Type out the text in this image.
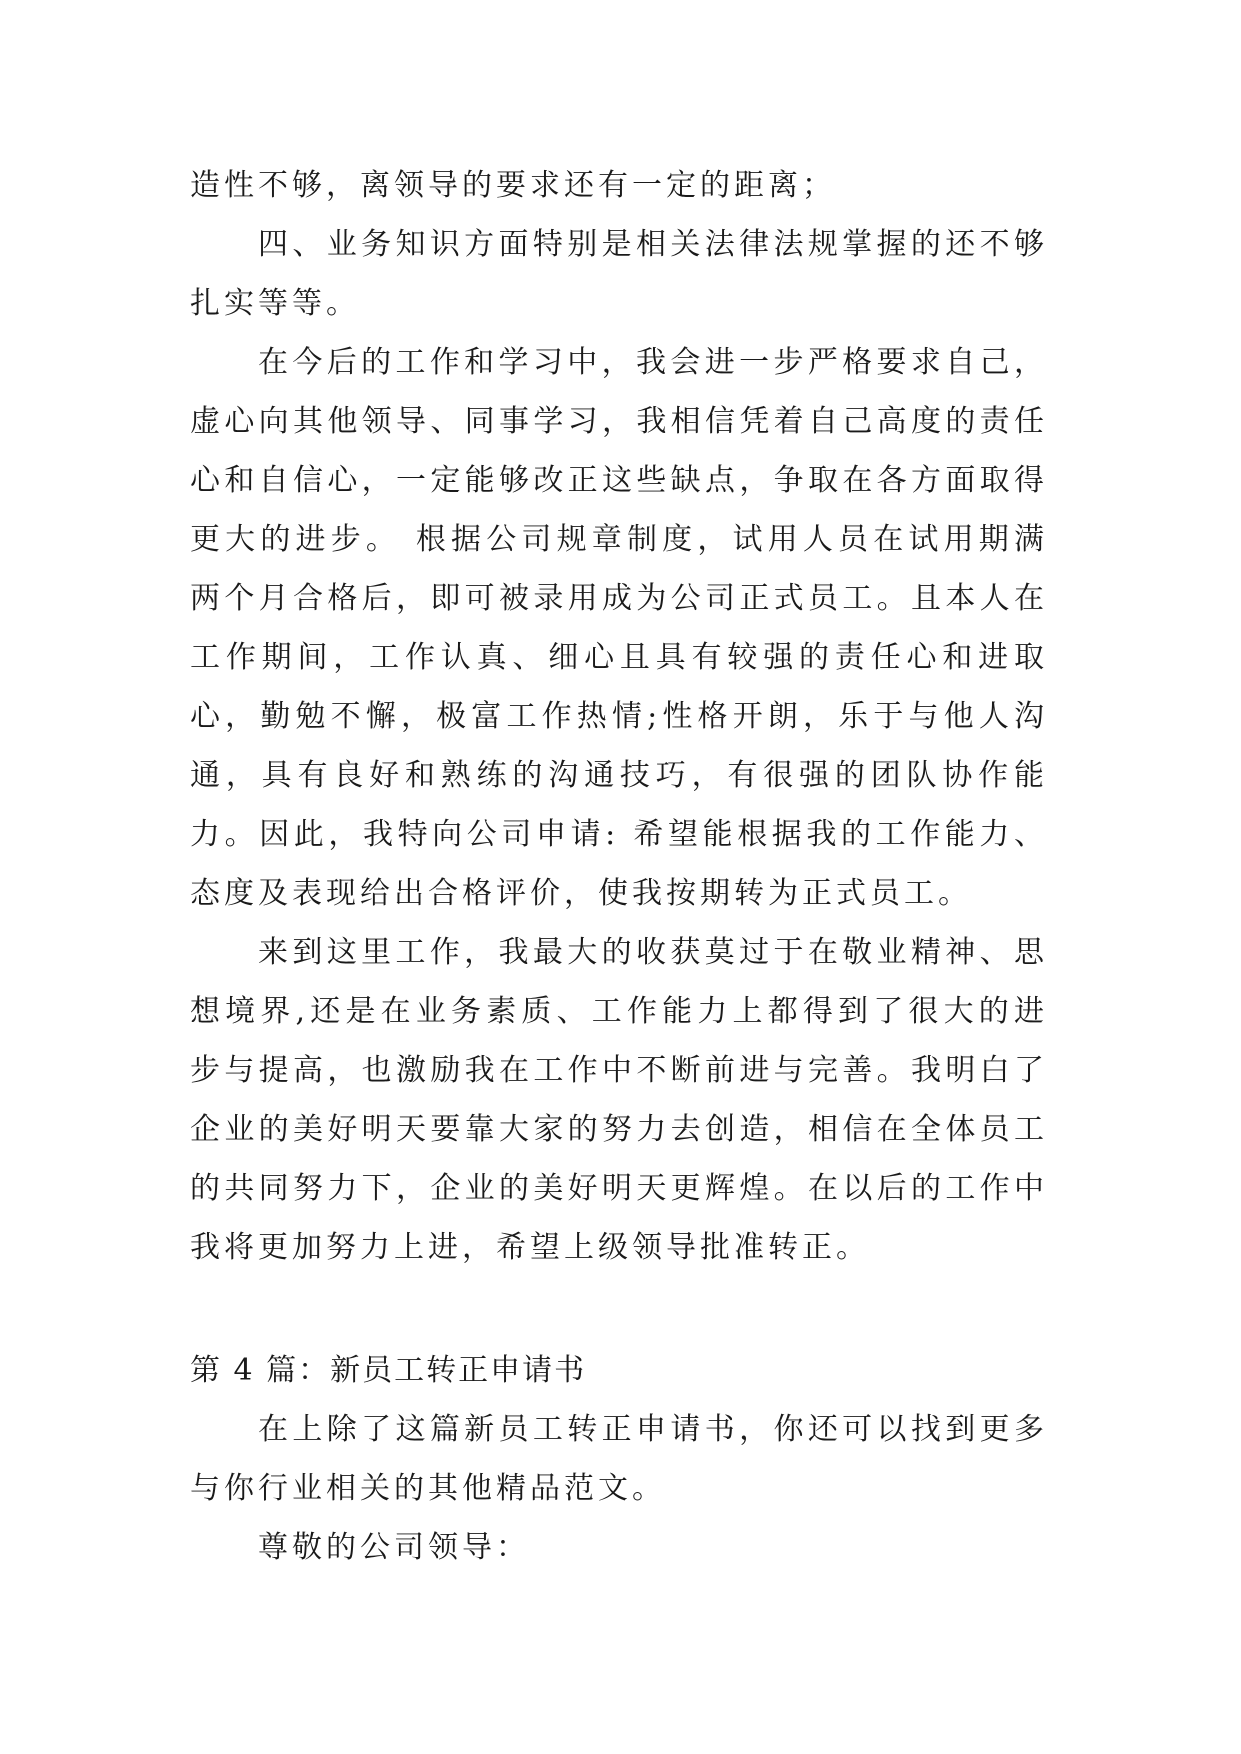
造性不够，离领导的要求还有一定的距离；

四、业务知识方面特别是相关法律法规掌握的还不够扎实等等。

在今后的工作和学习中，我会进一步严格要求自己，虚心向其他领导、同事学习，我相信凭着自己高度的责任心和自信心，一定能够改正这些缺点，争取在各方面取得更大的进步。 根据公司规章制度，试用人员在试用期满两个月合格后，即可被录用成为公司正式员工。且本人在工作期间，工作认真、细心且具有较强的责任心和进取心，勤勉不懈，极富工作热情;性格开朗，乐于与他人沟通，具有良好和熟练的沟通技巧，有很强的团队协作能力。因此，我特向公司申请: 希望能根据我的工作能力、态度及表现给出合格评价，使我按期转为正式员工。

来到这里工作，我最大的收获莫过于在敬业精神、思想境界,还是在业务素质、工作能力上都得到了很大的进步与提高，也激励我在工作中不断前进与完善。我明白了企业的美好明天要靠大家的努力去创造，相信在全体员工的共同努力下，企业的美好明天更辉煌。在以后的工作中我将更加努力上进，希望上级领导批准转正。

第 4 篇：新员工转正申请书

在上除了这篇新员工转正申请书，你还可以找到更多与你行业相关的其他精品范文。

尊敬的公司领导：
